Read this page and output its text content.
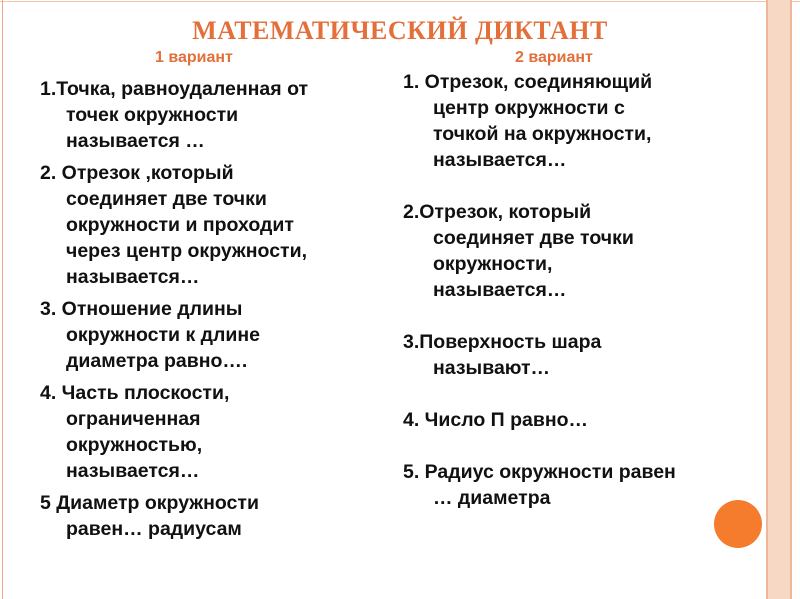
МАТЕМАТИЧЕСКИЙ ДИКТАНТ
1 вариант	2 вариант

1.Точка, равноудаленная от
точек окружности
называется …

2. Отрезок ,который
соединяет две точки
окружности и проходит
через центр окружности,
называется…

3. Отношение длины
окружности к длине
диаметра равно….

4. Часть плоскости,
ограниченная
окружностью,
называется…

5 Диаметр окружности
равен… радиусам

1. Отрезок, соединяющий
центр окружности с
точкой на окружности,
называется…

2.Отрезок, который
соединяет две точки
окружности,
называется…

3.Поверхность шара
называют…

4. Число П равно…

5. Радиус окружности равен
… диаметра
